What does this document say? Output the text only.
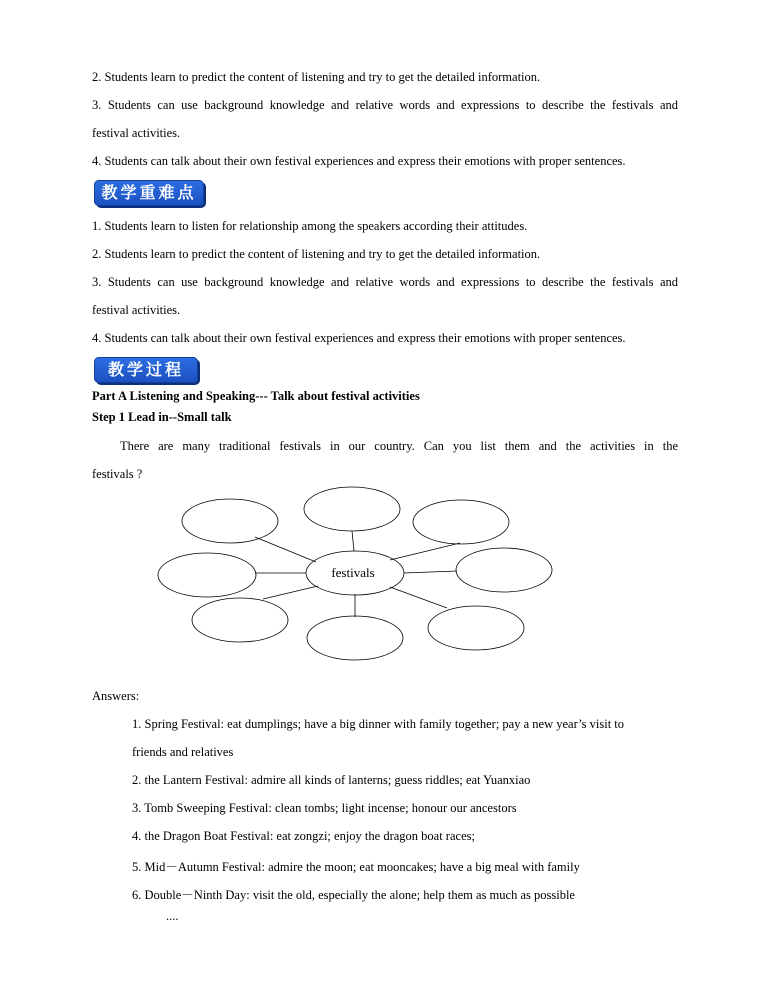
2. Students learn to predict the content of listening and try to get the detailed information.
3. Students can use background knowledge and relative words and expressions to describe the festivals and
festival activities.
4. Students can talk about their own festival experiences and express their emotions with proper sentences.
教学重难点
1. Students learn to listen for relationship among the speakers according their attitudes.
2. Students learn to predict the content of listening and try to get the detailed information.
3. Students can use background knowledge and relative words and expressions to describe the festivals and
festival activities.
4. Students can talk about their own festival experiences and express their emotions with proper sentences.
教学过程
Part A Listening and Speaking--- Talk about festival activities
Step 1 Lead in--Small talk
There are many traditional festivals in our country. Can you list them and the activities in the
festivals ?
festivals
Answers:
1. Spring Festival: eat dumplings; have a big dinner with family together; pay a new year’s visit to
friends and relatives
2. the Lantern Festival: admire all kinds of lanterns; guess riddles; eat Yuanxiao
3. Tomb Sweeping Festival: clean tombs; light incense; honour our ancestors
4. the Dragon Boat Festival: eat zongzi; enjoy the dragon boat races;
5. Mid－Autumn Festival: admire the moon; eat mooncakes; have a big meal with family
6. Double－Ninth Day: visit the old, especially the alone; help them as much as possible
....
